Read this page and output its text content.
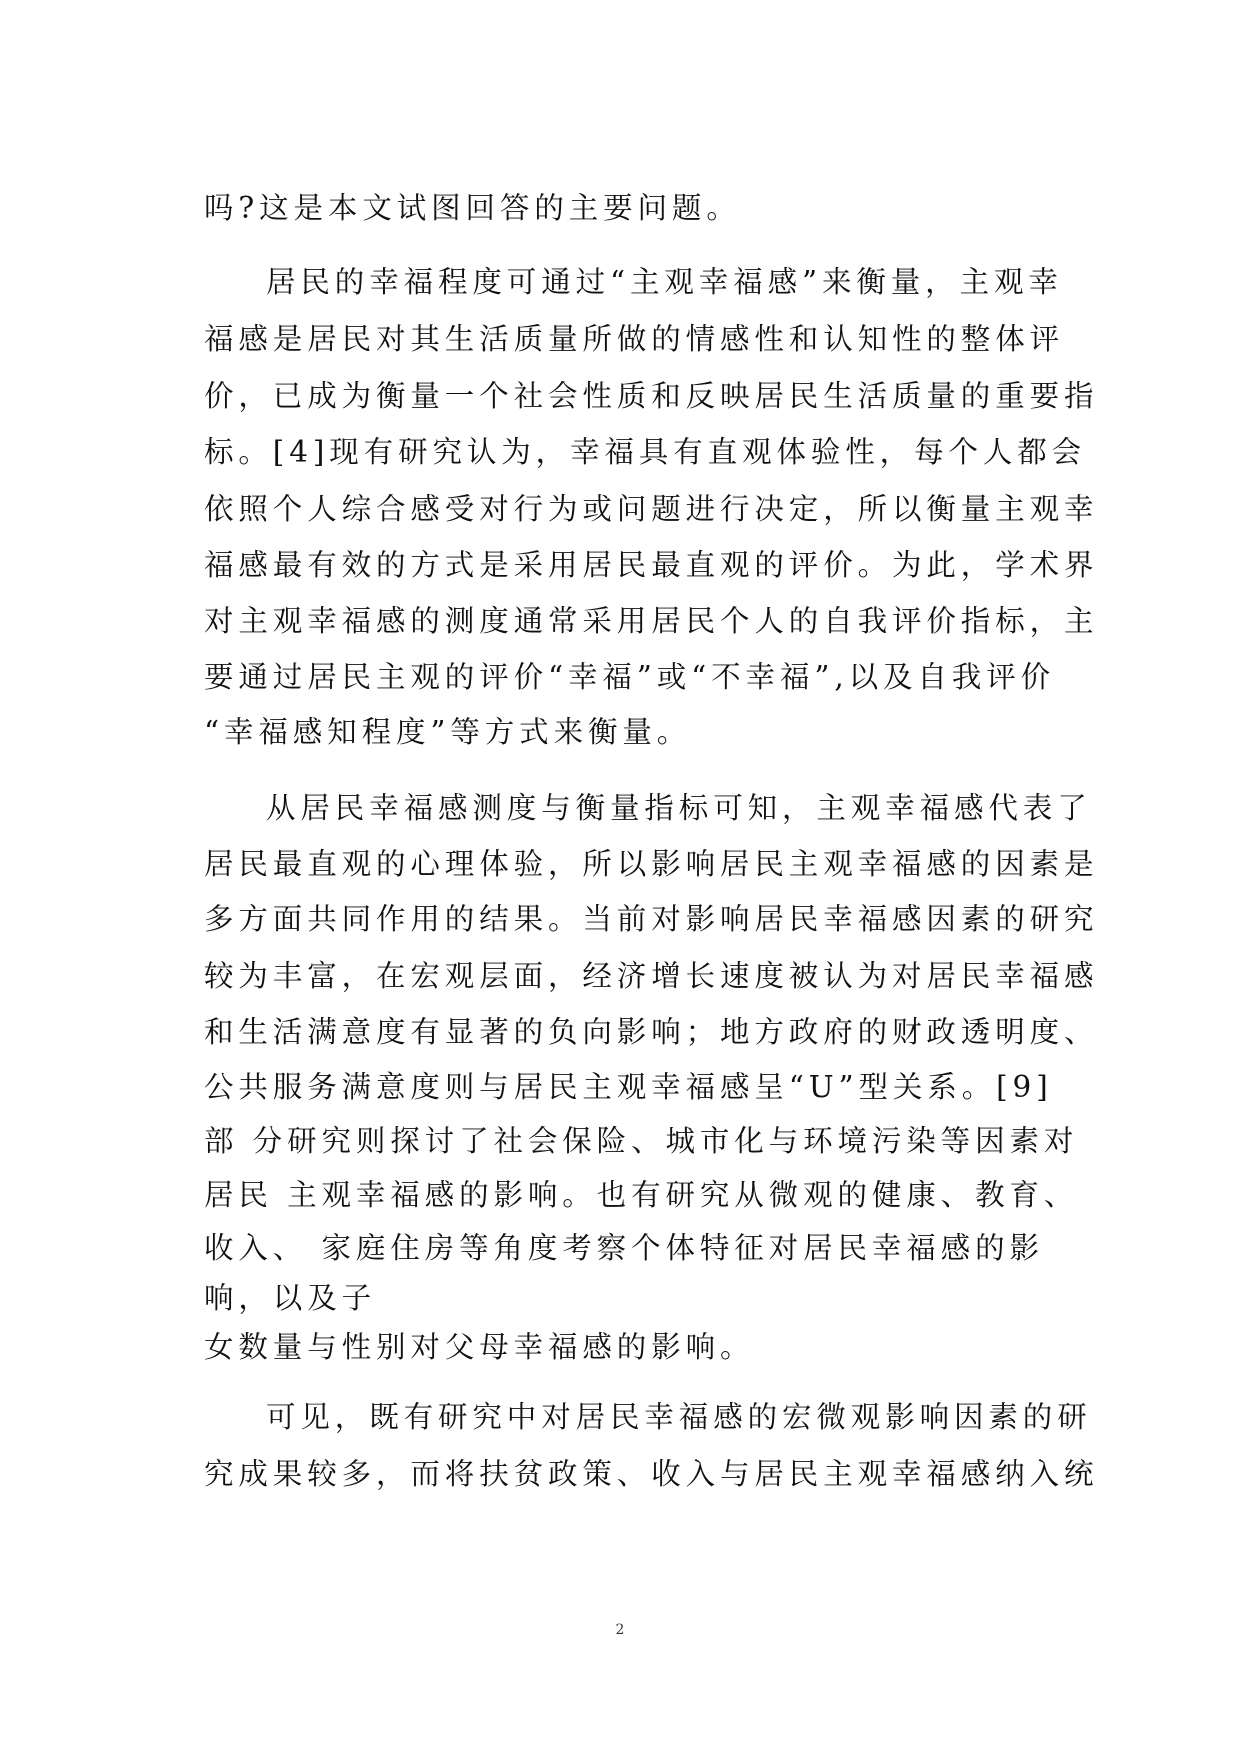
吗?这是本文试图回答的主要问题。
居民的幸福程度可通过“主观幸福感”来衡量，主观幸
福感是居民对其生活质量所做的情感性和认知性的整体评
价，已成为衡量一个社会性质和反映居民生活质量的重要指
标。[4]现有研究认为，幸福具有直观体验性，每个人都会
依照个人综合感受对行为或问题进行决定，所以衡量主观幸
福感最有效的方式是采用居民最直观的评价。为此，学术界
对主观幸福感的测度通常采用居民个人的自我评价指标，主
要通过居民主观的评价“幸福”或“不幸福”,以及自我评价
“幸福感知程度”等方式来衡量。
从居民幸福感测度与衡量指标可知，主观幸福感代表了
居民最直观的心理体验，所以影响居民主观幸福感的因素是
多方面共同作用的结果。当前对影响居民幸福感因素的研究
较为丰富，在宏观层面，经济增长速度被认为对居民幸福感
和生活满意度有显著的负向影响；地方政府的财政透明度、
公共服务满意度则与居民主观幸福感呈“U”型关系。[9]
部 分研究则探讨了社会保险、城市化与环境污染等因素对
居民 主观幸福感的影响。也有研究从微观的健康、教育、
收入、 家庭住房等角度考察个体特征对居民幸福感的影
响，以及子
女数量与性别对父母幸福感的影响。
可见，既有研究中对居民幸福感的宏微观影响因素的研
究成果较多，而将扶贫政策、收入与居民主观幸福感纳入统
2
